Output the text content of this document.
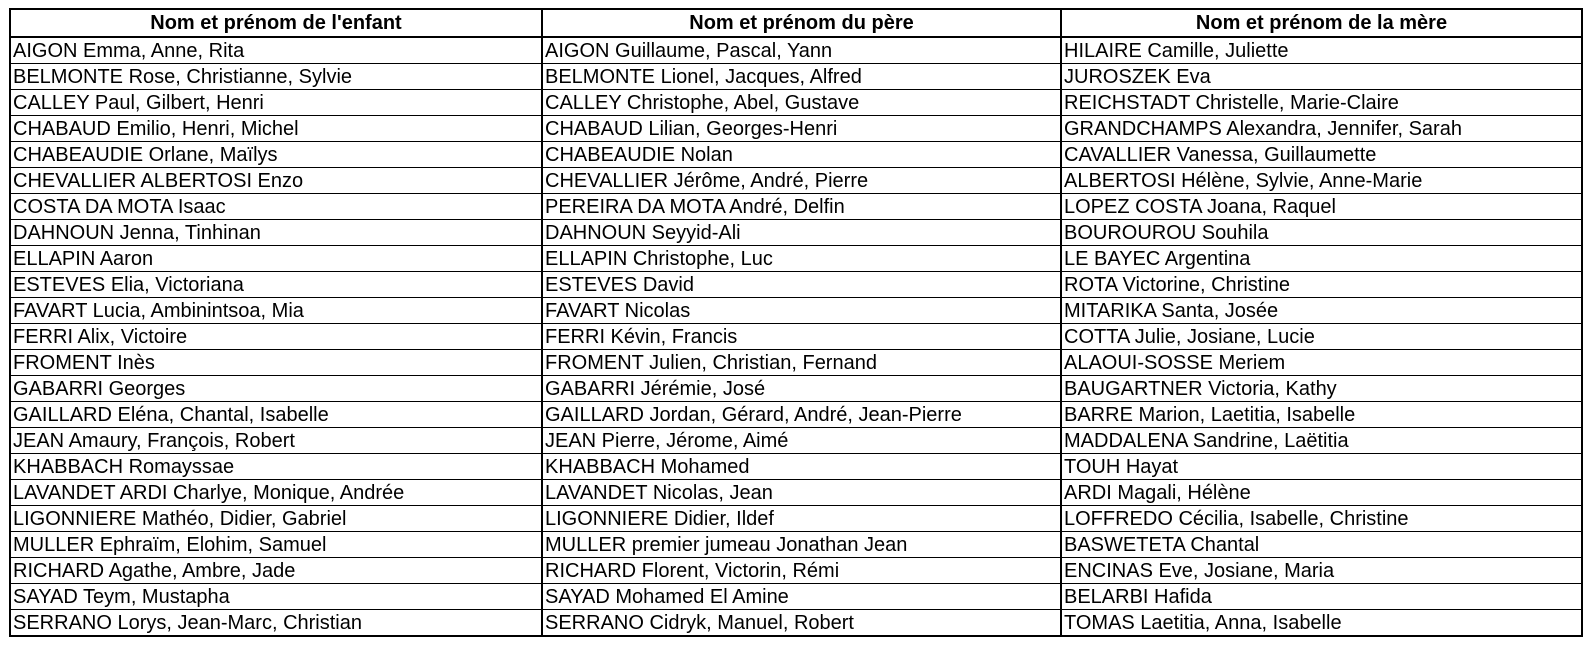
Nom et prénom de l'enfant	Nom et prénom du père	Nom et prénom de la mère
AIGON Emma, Anne, Rita	AIGON Guillaume, Pascal, Yann	HILAIRE Camille, Juliette
BELMONTE Rose, Christianne, Sylvie	BELMONTE Lionel, Jacques, Alfred	JUROSZEK Eva
CALLEY Paul, Gilbert, Henri	CALLEY Christophe, Abel, Gustave	REICHSTADT Christelle, Marie-Claire
CHABAUD Emilio, Henri, Michel	CHABAUD Lilian, Georges-Henri	GRANDCHAMPS Alexandra, Jennifer, Sarah
CHABEAUDIE Orlane, Maïlys	CHABEAUDIE Nolan	CAVALLIER Vanessa, Guillaumette
CHEVALLIER ALBERTOSI Enzo	CHEVALLIER Jérôme, André, Pierre	ALBERTOSI Hélène, Sylvie, Anne-Marie
COSTA DA MOTA Isaac	PEREIRA DA MOTA André, Delfin	LOPEZ COSTA Joana, Raquel
DAHNOUN Jenna, Tinhinan	DAHNOUN Seyyid-Ali	BOUROUROU Souhila
ELLAPIN Aaron	ELLAPIN Christophe, Luc	LE BAYEC Argentina
ESTEVES Elia, Victoriana	ESTEVES David	ROTA Victorine, Christine
FAVART Lucia, Ambinintsoa, Mia	FAVART Nicolas	MITARIKA Santa, Josée
FERRI Alix, Victoire	FERRI Kévin, Francis	COTTA Julie, Josiane, Lucie
FROMENT Inès	FROMENT Julien, Christian, Fernand	ALAOUI-SOSSE Meriem
GABARRI Georges	GABARRI Jérémie, José	BAUGARTNER Victoria, Kathy
GAILLARD Eléna, Chantal, Isabelle	GAILLARD Jordan, Gérard, André, Jean-Pierre	BARRE Marion, Laetitia, Isabelle
JEAN Amaury, François, Robert	JEAN Pierre, Jérome, Aimé	MADDALENA Sandrine, Laëtitia
KHABBACH Romayssae	KHABBACH Mohamed	TOUH Hayat
LAVANDET ARDI Charlye, Monique, Andrée	LAVANDET Nicolas, Jean	ARDI Magali, Hélène
LIGONNIERE Mathéo, Didier, Gabriel	LIGONNIERE Didier, Ildef	LOFFREDO Cécilia, Isabelle, Christine
MULLER Ephraïm, Elohim, Samuel	MULLER premier jumeau Jonathan Jean	BASWETETA Chantal
RICHARD Agathe, Ambre, Jade	RICHARD Florent, Victorin, Rémi	ENCINAS Eve, Josiane, Maria
SAYAD Teym, Mustapha	SAYAD Mohamed El Amine	BELARBI Hafida
SERRANO Lorys, Jean-Marc, Christian	SERRANO Cidryk, Manuel, Robert	TOMAS Laetitia, Anna, Isabelle
